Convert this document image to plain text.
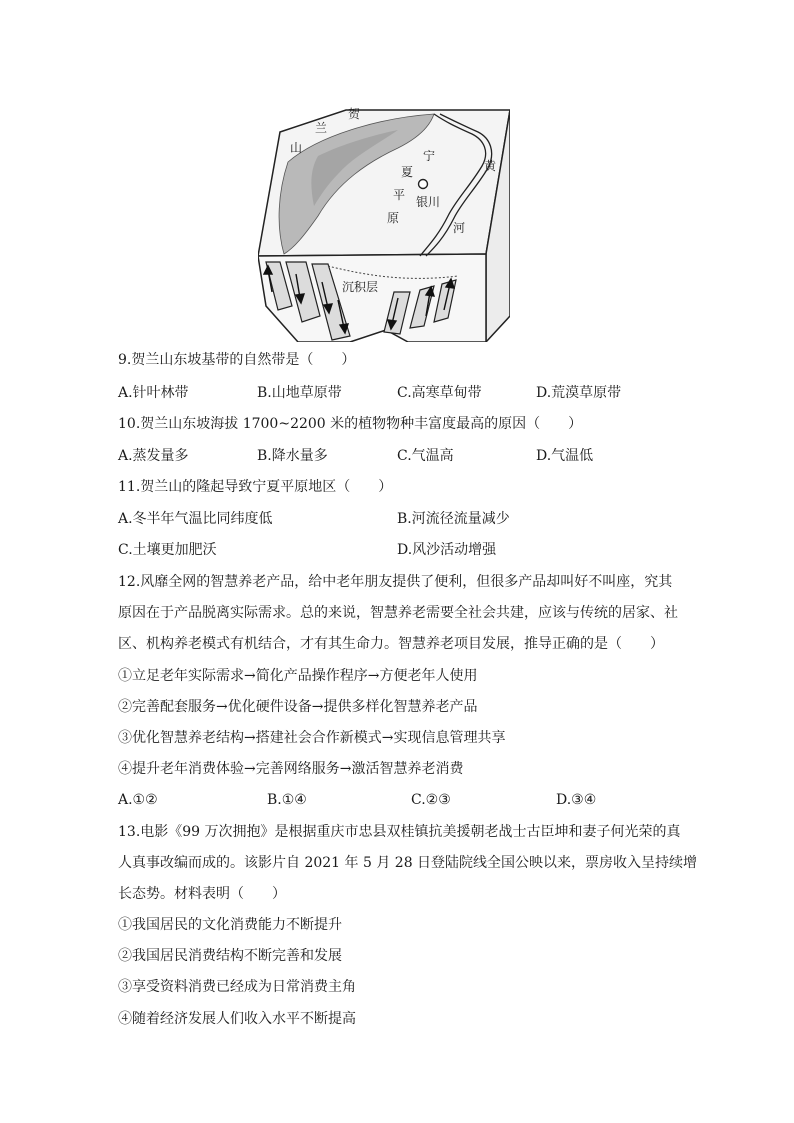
贺
兰
山
宁
夏
平 银川
原
黄
河
沉积层
9.贺兰山东坡基带的自然带是（　　）
A.针叶林带	B.山地草原带	C.高寒草甸带	D.荒漠草原带
10.贺兰山东坡海拔 1700~2200 米的植物物种丰富度最高的原因（　　）
A.蒸发量多	B.降水量多	C.气温高	D.气温低
11.贺兰山的隆起导致宁夏平原地区（　　）
A.冬半年气温比同纬度低	B.河流径流量减少
C.土壤更加肥沃	D.风沙活动增强
12.风靡全网的智慧养老产品，给中老年朋友提供了便利，但很多产品却叫好不叫座，究其
原因在于产品脱离实际需求。总的来说，智慧养老需要全社会共建，应该与传统的居家、社
区、机构养老模式有机结合，才有其生命力。智慧养老项目发展，推导正确的是（　　）
①立足老年实际需求→简化产品操作程序→方便老年人使用
②完善配套服务→优化硬件设备→提供多样化智慧养老产品
③优化智慧养老结构→搭建社会合作新模式→实现信息管理共享
④提升老年消费体验→完善网络服务→激活智慧养老消费
A.①②	B.①④	C.②③	D.③④
13.电影《99 万次拥抱》是根据重庆市忠县双桂镇抗美援朝老战士古臣坤和妻子何光荣的真
人真事改编而成的。该影片自 2021 年 5 月 28 日登陆院线全国公映以来，票房收入呈持续增
长态势。材料表明（　　）
①我国居民的文化消费能力不断提升
②我国居民消费结构不断完善和发展
③享受资料消费已经成为日常消费主角
④随着经济发展人们收入水平不断提高
